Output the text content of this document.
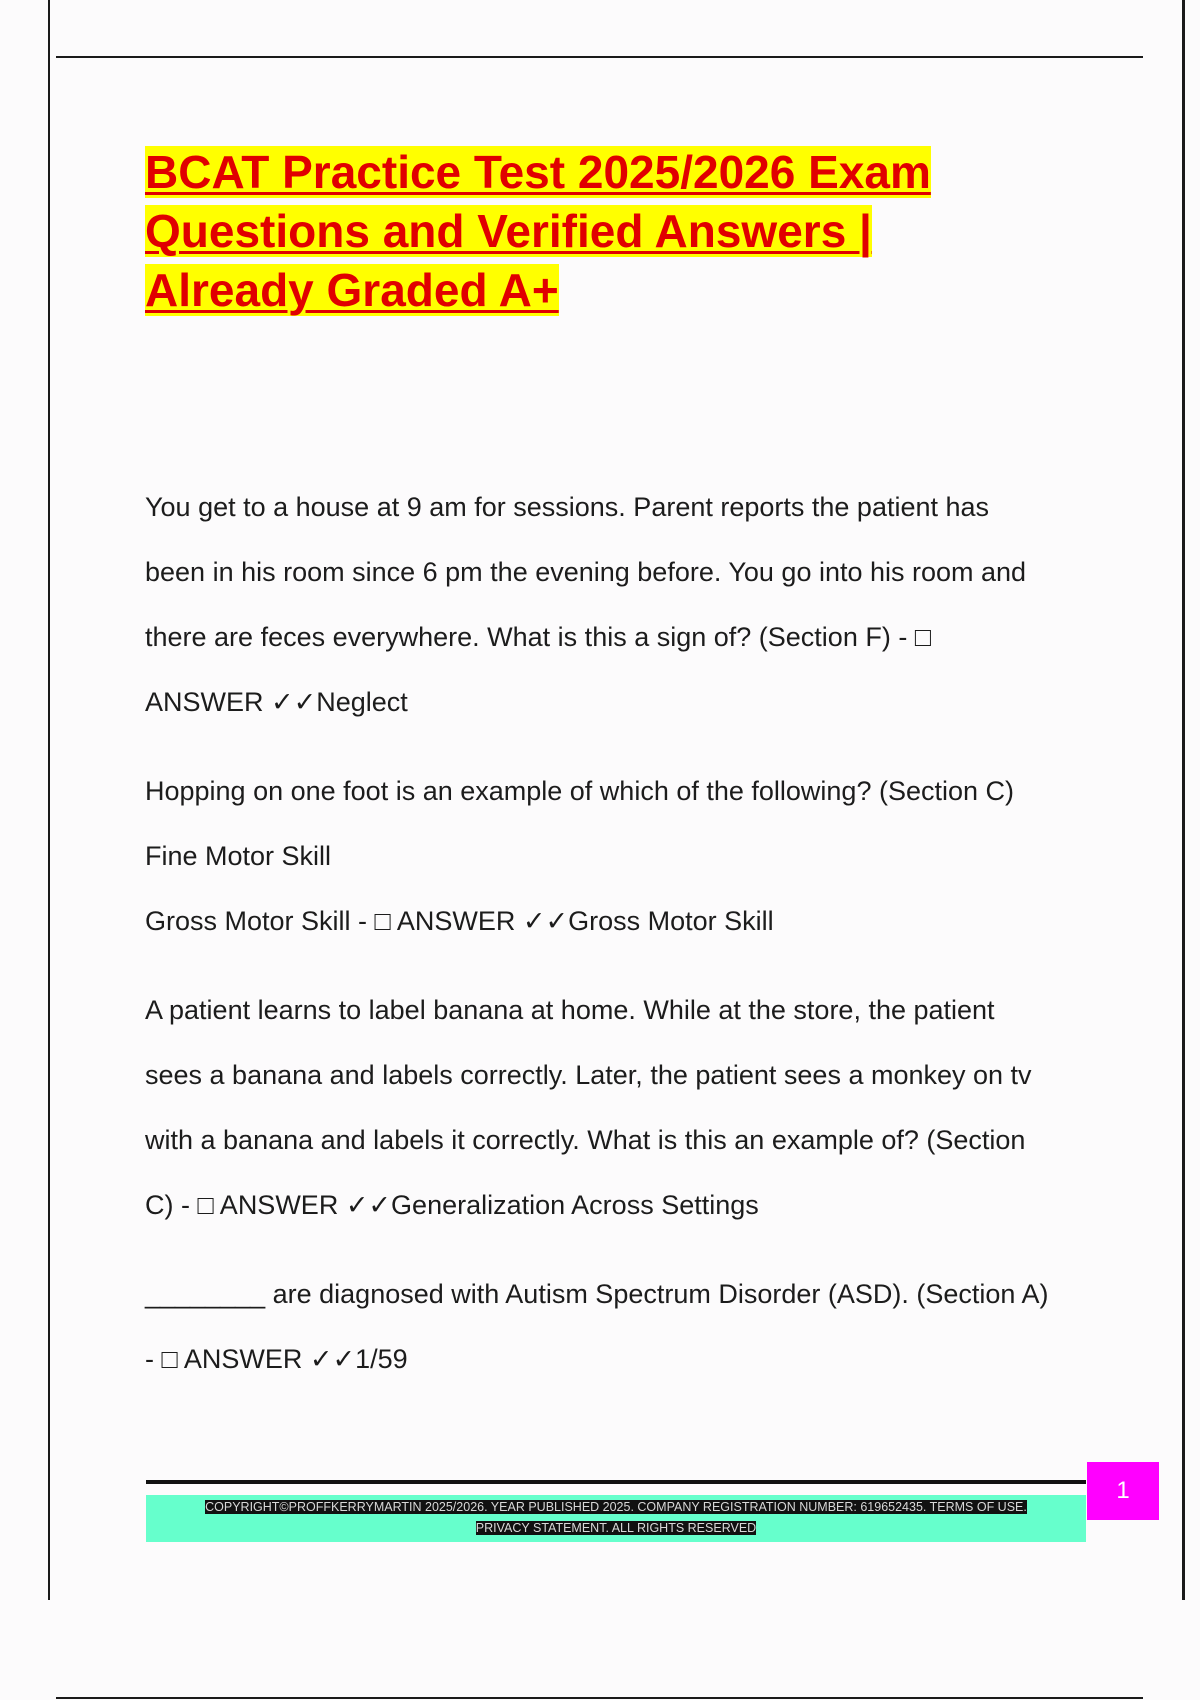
BCAT Practice Test 2025/2026 Exam
Questions and Verified Answers |
Already Graded A+

You get to a house at 9 am for sessions. Parent reports the patient has

been in his room since 6 pm the evening before. You go into his room and

there are feces everywhere. What is this a sign of? (Section F) - □

ANSWER ✓✓Neglect

Hopping on one foot is an example of which of the following? (Section C)

Fine Motor Skill

Gross Motor Skill - □ ANSWER ✓✓Gross Motor Skill

A patient learns to label banana at home. While at the store, the patient

sees a banana and labels correctly. Later, the patient sees a monkey on tv

with a banana and labels it correctly. What is this an example of? (Section

C) - □ ANSWER ✓✓Generalization Across Settings

________ are diagnosed with Autism Spectrum Disorder (ASD). (Section A)

- □ ANSWER ✓✓1/59

1
COPYRIGHT©PROFFKERRYMARTIN 2025/2026. YEAR PUBLISHED 2025. COMPANY REGISTRATION NUMBER: 619652435. TERMS OF USE.
PRIVACY STATEMENT. ALL RIGHTS RESERVED
